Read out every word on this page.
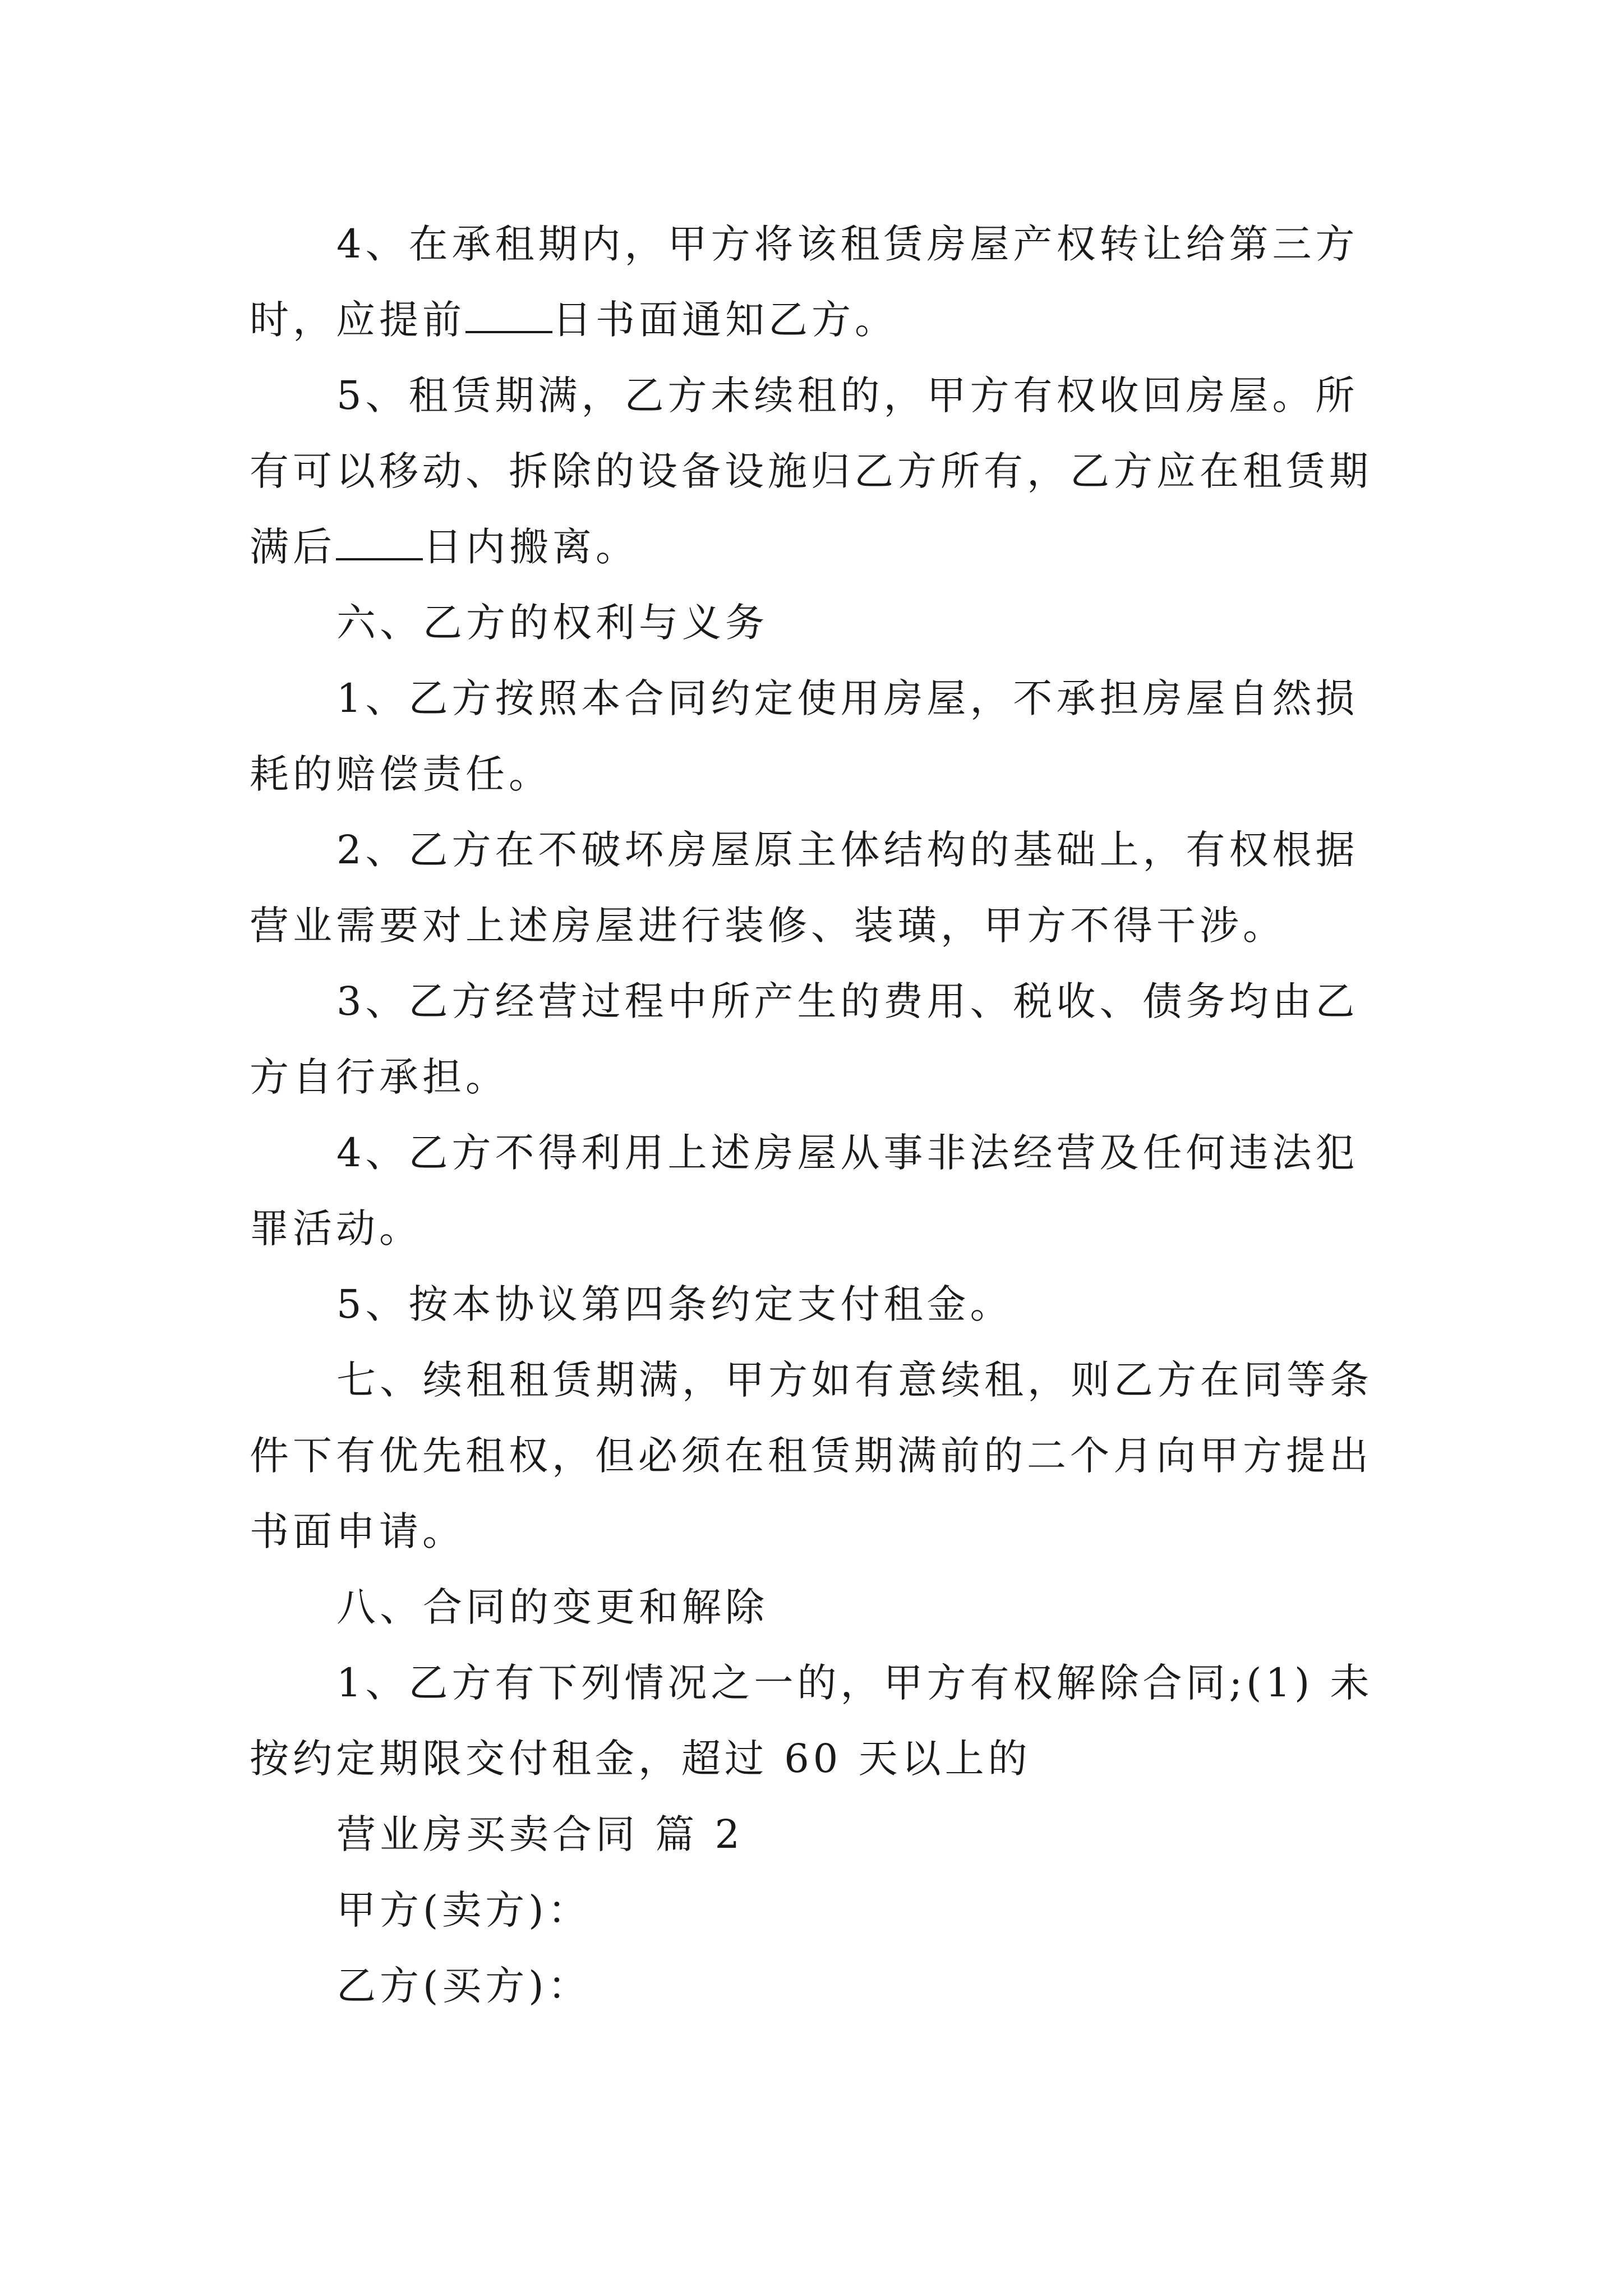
4、在承租期内，甲方将该租赁房屋产权转让给第三方
时，应提前 日书面通知乙方。
5、租赁期满，乙方未续租的，甲方有权收回房屋。所
有可以移动、拆除的设备设施归乙方所有，乙方应在租赁期
满后 日内搬离。
六、乙方的权利与义务
1、乙方按照本合同约定使用房屋，不承担房屋自然损
耗的赔偿责任。
2、乙方在不破坏房屋原主体结构的基础上，有权根据
营业需要对上述房屋进行装修、装璜，甲方不得干涉。
3、乙方经营过程中所产生的费用、税收、债务均由乙
方自行承担。
4、乙方不得利用上述房屋从事非法经营及任何违法犯
罪活动。
5、按本协议第四条约定支付租金。
七、续租租赁期满，甲方如有意续租，则乙方在同等条
件下有优先租权，但必须在租赁期满前的二个月向甲方提出
书面申请。
八、合同的变更和解除
1、乙方有下列情况之一的，甲方有权解除合同;(1) 未
按约定期限交付租金，超过 60 天以上的
营业房买卖合同 篇 2
甲方(卖方)：
乙方(买方)：
